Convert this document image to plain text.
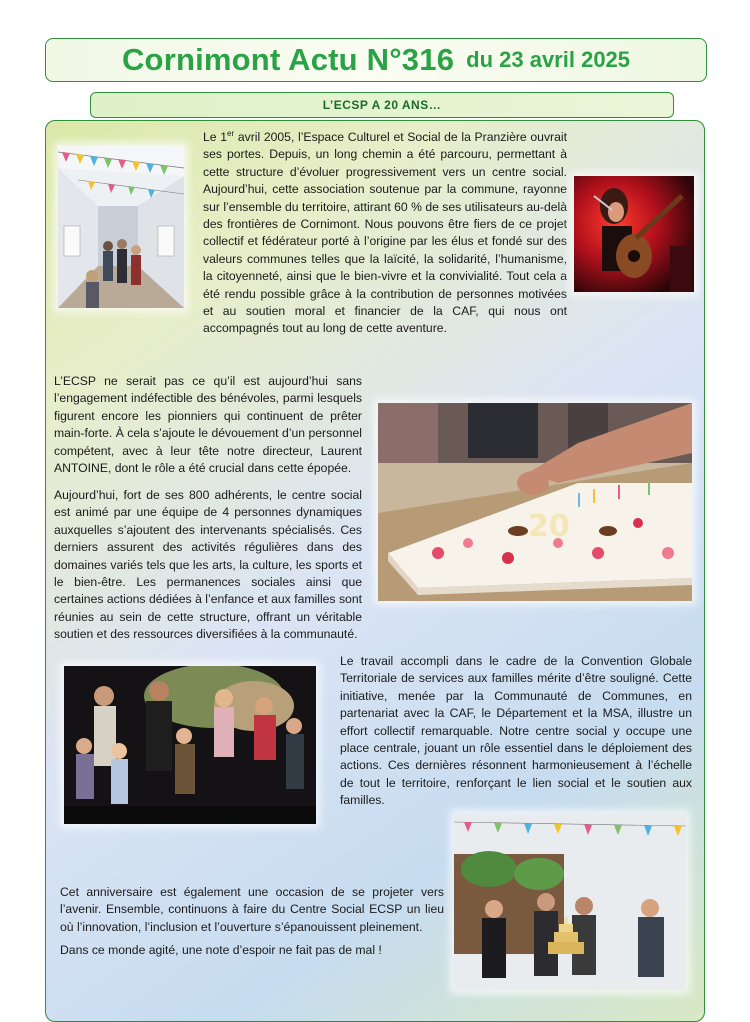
Cornimont Actu N°316 du 23 avril 2025
L’ECSP A 20 ANS…

Le 1er avril 2005, l’Espace Culturel et Social de la Pranzière ouvrait ses portes. Depuis, un long chemin a été parcouru, permettant à cette structure d’évoluer progressivement vers un centre social. Aujourd’hui, cette association soutenue par la commune, rayonne sur l’ensemble du territoire, attirant 60 % de ses utilisateurs au-delà des frontières de Cornimont. Nous pouvons être fiers de ce projet collectif et fédérateur porté à l’origine par les élus et fondé sur des valeurs communes telles que la laïcité, la solidarité, l’humanisme, la citoyenneté, ainsi que le bien-vivre et la convivialité. Tout cela a été rendu possible grâce à la contribution de personnes motivées et au soutien moral et financier de la CAF, qui nous ont accompagnés tout au long de cette aventure.

L’ECSP ne serait pas ce qu’il est aujourd’hui sans l’engagement indéfectible des bénévoles, parmi lesquels figurent encore les pionniers qui continuent de prêter main-forte. À cela s’ajoute le dévouement d’un personnel compétent, avec à leur tête notre directeur, Laurent ANTOINE, dont le rôle a été crucial dans cette épopée.

Aujourd’hui, fort de ses 800 adhérents, le centre social est animé par une équipe de 4 personnes dynamiques auxquelles s’ajoutent des intervenants spécialisés. Ces derniers assurent des activités régulières dans des domaines variés tels que les arts, la culture, les sports et le bien-être. Les permanences sociales ainsi que certaines actions dédiées à l’enfance et aux familles sont réunies au sein de cette structure, offrant un véritable soutien et des ressources diversifiées à la communauté.

20

Le travail accompli dans le cadre de la Convention Globale Territoriale de services aux familles mérite d’être souligné. Cette initiative, menée par la Communauté de Communes, en partenariat avec la CAF, le Département et la MSA, illustre un effort collectif remarquable. Notre centre social y occupe une place centrale, jouant un rôle essentiel dans le déploiement des actions. Ces dernières résonnent harmonieusement à l’échelle de tout le territoire, renforçant le lien social et le soutien aux familles.

Cet anniversaire est également une occasion de se projeter vers l’avenir. Ensemble, continuons à faire du Centre Social ECSP un lieu où l’innovation, l’inclusion et l’ouverture s’épanouissent pleinement.

Dans ce monde agité, une note d’espoir ne fait pas de mal !
